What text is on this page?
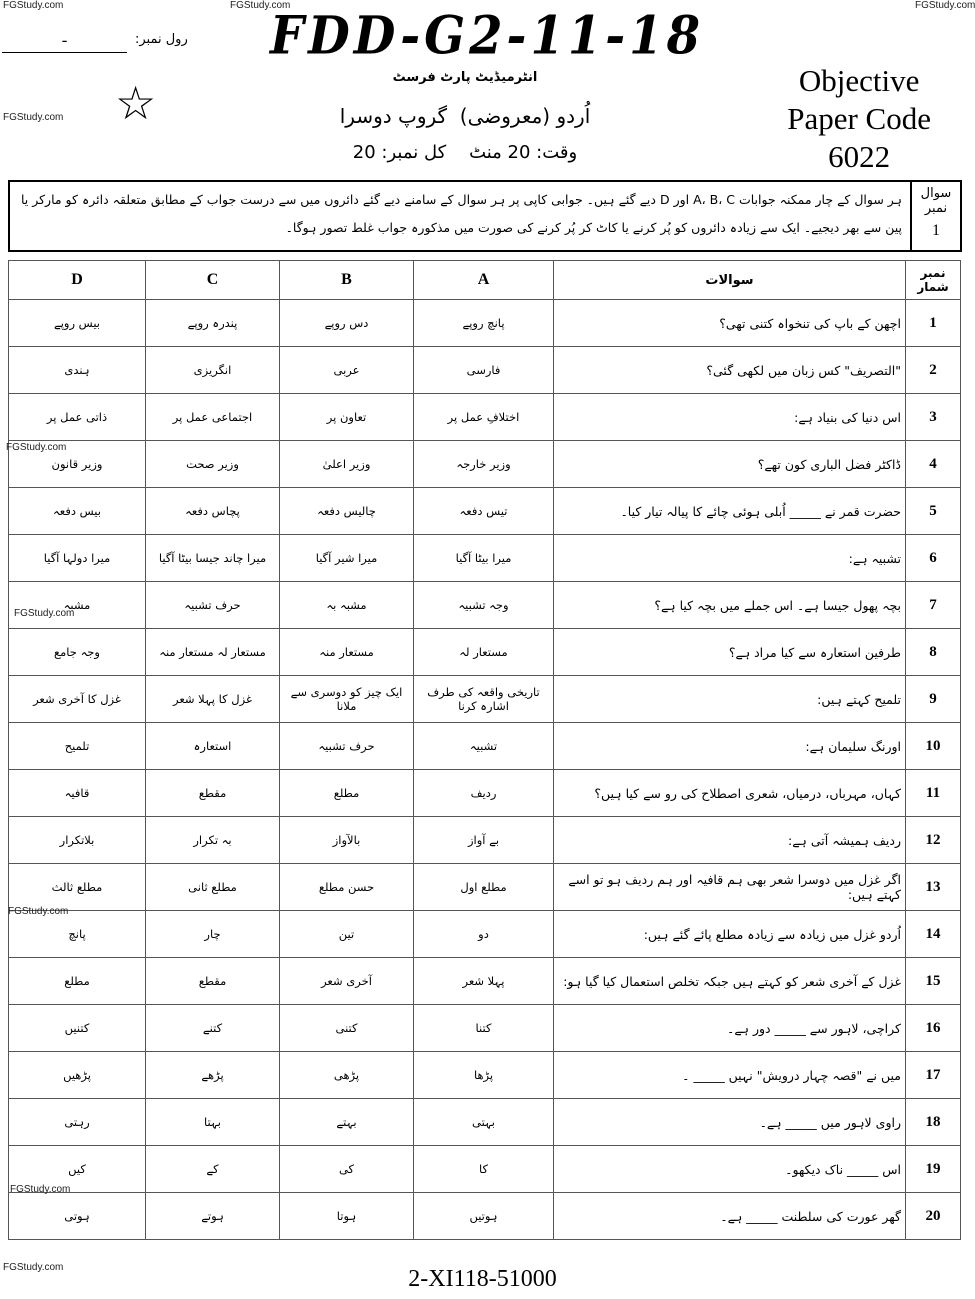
FGStudy.com	FGStudy.com	FGStudy.com
FGStudy.com
FGStudy.com
FGStudy.com
FGStudy.com
FGStudy.com
FGStudy.com
FDD-G2-11-18
ـ	رول نمبر:
☆	انٹرمیڈیٹ پارٹ فرسٹ
اُردو (معروضی)  گروپ دوسرا
وقت: 20 منٹ    کل نمبر: 20
Objective
Paper Code
6022
سوال نمبر
1
ہر سوال کے چار ممکنہ جوابات A، B، C اور D دیے گئے ہیں۔ جوابی کاپی پر ہر سوال کے سامنے دیے گئے دائروں میں سے درست جواب کے مطابق متعلقہ دائرہ کو مارکر یا پین سے بھر دیجیے۔ ایک سے زیادہ دائروں کو پُر کرنے یا کاٹ کر پُر کرنے کی صورت میں مذکورہ جواب غلط تصور ہوگا۔
نمبر شمار	سوالات	A	B	C	D
1	اچھن کے باپ کی تنخواہ کتنی تھی؟	پانچ روپے	دس روپے	پندرہ روپے	بیس روپے
2	"التصریف" کس زبان میں لکھی گئی؟	فارسی	عربی	انگریزی	ہندی
3	اس دنیا کی بنیاد ہے:	اختلافِ عمل پر	تعاون پر	اجتماعی عمل پر	ذاتی عمل پر
4	ڈاکٹر فضل الباری کون تھے؟	وزیر خارجہ	وزیر اعلیٰ	وزیر صحت	وزیر قانون
5	حضرت قمر نے _____ اُبلی ہوئی چائے کا پیالہ تیار کیا۔	تیس دفعہ	چالیس دفعہ	پچاس دفعہ	بیس دفعہ
6	تشبیہ ہے:	میرا بیٹا آگیا	میرا شیر آگیا	میرا چاند جیسا بیٹا آگیا	میرا دولہا آگیا
7	بچہ پھول جیسا ہے۔ اس جملے میں بچہ کیا ہے؟	وجہ تشبیہ	مشبہ بہ	حرف تشبیہ	مشبہ
8	طرفین استعارہ سے کیا مراد ہے؟	مستعار لہ	مستعار منہ	مستعار لہ مستعار منہ	وجہ جامع
9	تلمیح کہتے ہیں:	تاریخی واقعہ کی طرف اشارہ کرنا	ایک چیز کو دوسری سے ملانا	غزل کا پہلا شعر	غزل کا آخری شعر
10	اورنگ سلیمان ہے:	تشبیہ	حرف تشبیہ	استعارہ	تلمیح
11	کہاں، مہرباں، درمیاں، شعری اصطلاح کی رو سے کیا ہیں؟	ردیف	مطلع	مقطع	قافیہ
12	ردیف ہمیشہ آتی ہے:	بے آواز	بالآواز	بہ تکرار	بلاتکرار
13	اگر غزل میں دوسرا شعر بھی ہم قافیہ اور ہم ردیف ہو تو اسے کہتے ہیں:	مطلع اول	حسن مطلع	مطلع ثانی	مطلع ثالث
14	اُردو غزل میں زیادہ سے زیادہ مطلع پائے گئے ہیں:	دو	تین	چار	پانچ
15	غزل کے آخری شعر کو کہتے ہیں جبکہ تخلص استعمال کیا گیا ہو:	پہلا شعر	آخری شعر	مقطع	مطلع
16	کراچی، لاہور سے _____ دور ہے۔	کتنا	کتنی	کتنے	کتنیں
17	میں نے "قصہ چہار درویش" نہیں _____ ۔	پڑھا	پڑھی	پڑھے	پڑھیں
18	راوی لاہور میں _____ ہے۔	بہتی	بہتے	بہتا	رہتی
19	اس _____ ناک دیکھو۔	کا	کی	کے	کیں
20	گھر عورت کی سلطنت _____ ہے۔	ہوتیں	ہوتا	ہوتے	ہوتی
2-XI118-51000
